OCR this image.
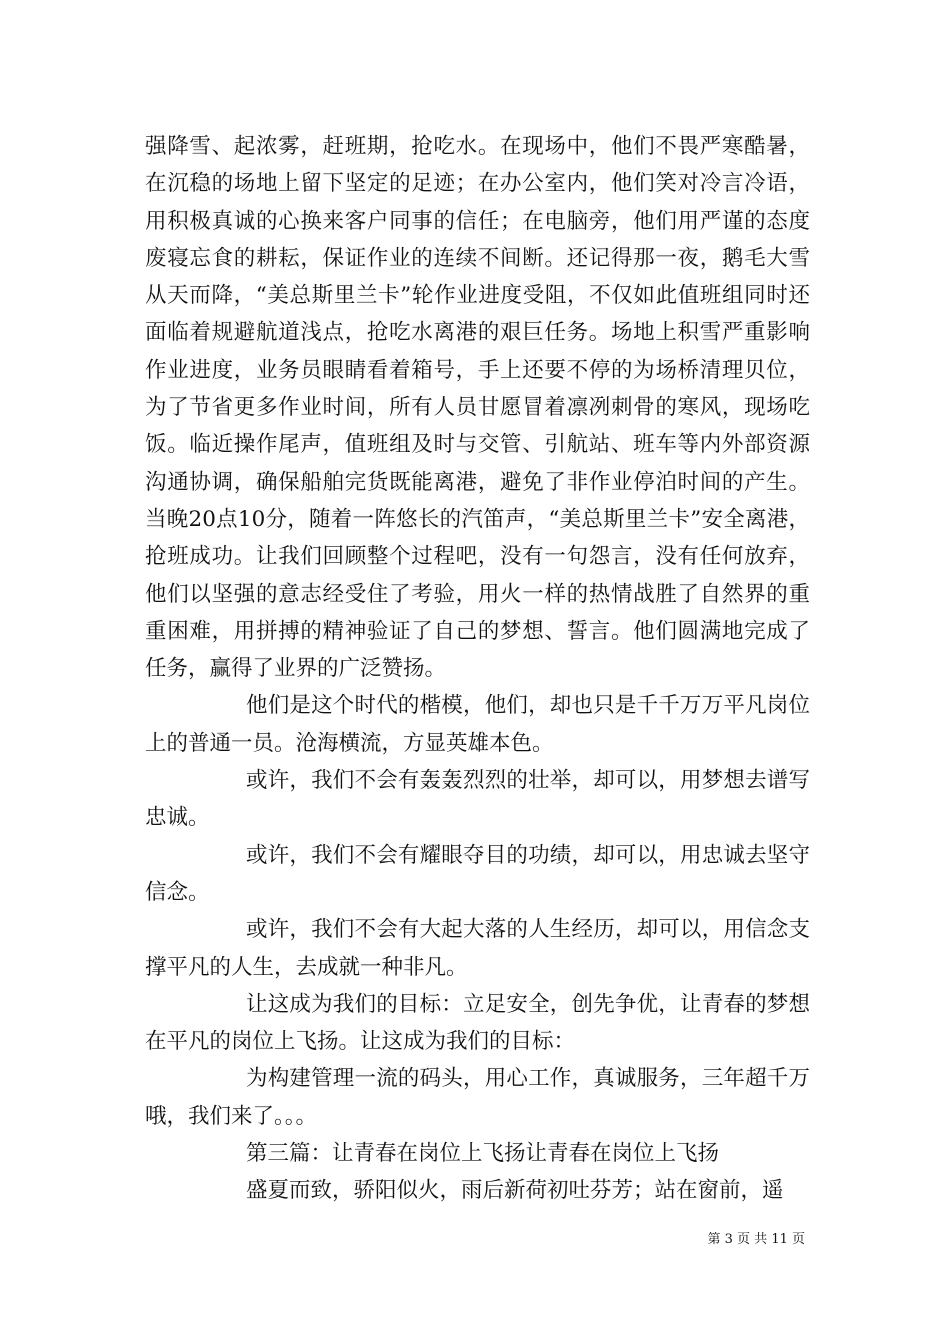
强降雪、起浓雾，赶班期，抢吃水。在现场中，他们不畏严寒酷暑，在沉稳的场地上留下坚定的足迹；在办公室内，他们笑对冷言冷语，用积极真诚的心换来客户同事的信任；在电脑旁，他们用严谨的态度废寝忘食的耕耘，保证作业的连续不间断。还记得那一夜，鹅毛大雪从天而降，“美总斯里兰卡”轮作业进度受阻，不仅如此值班组同时还面临着规避航道浅点，抢吃水离港的艰巨任务。场地上积雪严重影响作业进度，业务员眼睛看着箱号，手上还要不停的为场桥清理贝位，为了节省更多作业时间，所有人员甘愿冒着凛冽刺骨的寒风，现场吃饭。临近操作尾声，值班组及时与交管、引航站、班车等内外部资源沟通协调，确保船舶完货既能离港，避免了非作业停泊时间的产生。当晚20点10分，随着一阵悠长的汽笛声，“美总斯里兰卡”安全离港，抢班成功。让我们回顾整个过程吧，没有一句怨言，没有任何放弃，他们以坚强的意志经受住了考验，用火一样的热情战胜了自然界的重重困难，用拼搏的精神验证了自己的梦想、誓言。他们圆满地完成了任务，赢得了业界的广泛赞扬。

他们是这个时代的楷模，他们，却也只是千千万万平凡岗位上的普通一员。沧海横流，方显英雄本色。

或许，我们不会有轰轰烈烈的壮举，却可以，用梦想去谱写忠诚。

或许，我们不会有耀眼夺目的功绩，却可以，用忠诚去坚守信念。

或许，我们不会有大起大落的人生经历，却可以，用信念支撑平凡的人生，去成就一种非凡。

让这成为我们的目标：立足安全，创先争优，让青春的梦想在平凡的岗位上飞扬。让这成为我们的目标：

为构建管理一流的码头，用心工作，真诚服务，三年超千万哦，我们来了。。。

第三篇：让青春在岗位上飞扬让青春在岗位上飞扬

盛夏而致，骄阳似火，雨后新荷初吐芬芳；站在窗前，遥

第 3 页 共 11 页
